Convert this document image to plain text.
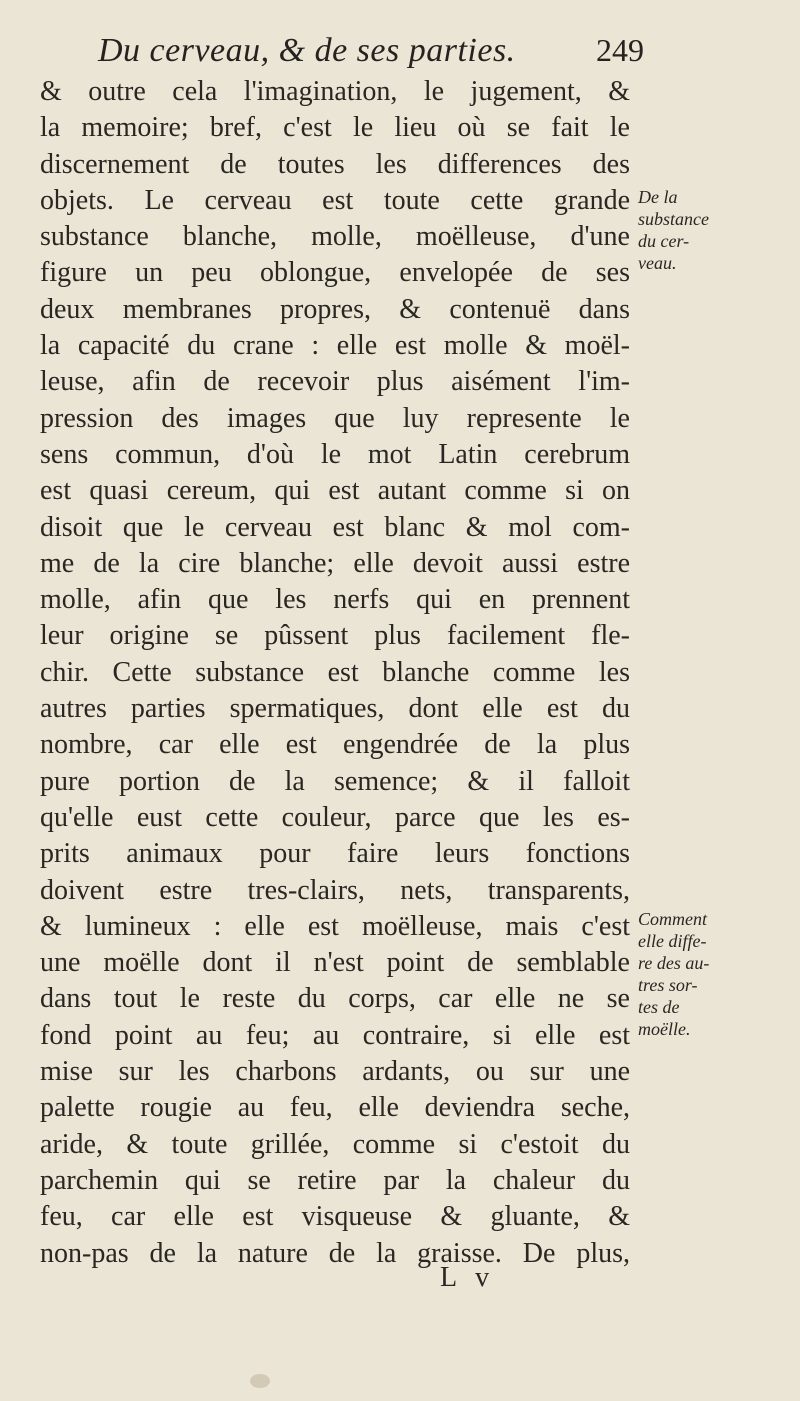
Du cerveau, & de ses parties.	249
& outre cela l'imagination, le jugement, &
la memoire; bref, c'est le lieu où se fait le
discernement de toutes les differences des
objets. Le cerveau est toute cette grande
substance blanche, molle, moëlleuse, d'une
figure un peu oblongue, envelopée de ses
deux membranes propres, & contenuë dans
la capacité du crane : elle est molle & moël-
leuse, afin de recevoir plus aisément l'im-
pression des images que luy represente le
sens commun, d'où le mot Latin cerebrum
est quasi cereum, qui est autant comme si on
disoit que le cerveau est blanc & mol com-
me de la cire blanche; elle devoit aussi estre
molle, afin que les nerfs qui en prennent
leur origine se pûssent plus facilement fle-
chir. Cette substance est blanche comme les
autres parties spermatiques, dont elle est du
nombre, car elle est engendrée de la plus
pure portion de la semence; & il falloit
qu'elle eust cette couleur, parce que les es-
prits animaux pour faire leurs fonctions
doivent estre tres-clairs, nets, transparents,
& lumineux : elle est moëlleuse, mais c'est
une moëlle dont il n'est point de semblable
dans tout le reste du corps, car elle ne se
fond point au feu; au contraire, si elle est
mise sur les charbons ardants, ou sur une
palette rougie au feu, elle deviendra seche,
aride, & toute grillée, comme si c'estoit du
parchemin qui se retire par la chaleur du
feu, car elle est visqueuse & gluante, &
non-pas de la nature de la graisse. De plus,
De la
substance
du cer-
veau.
Comment
elle diffe-
re des au-
tres sor-
tes de
moëlle.
L v
